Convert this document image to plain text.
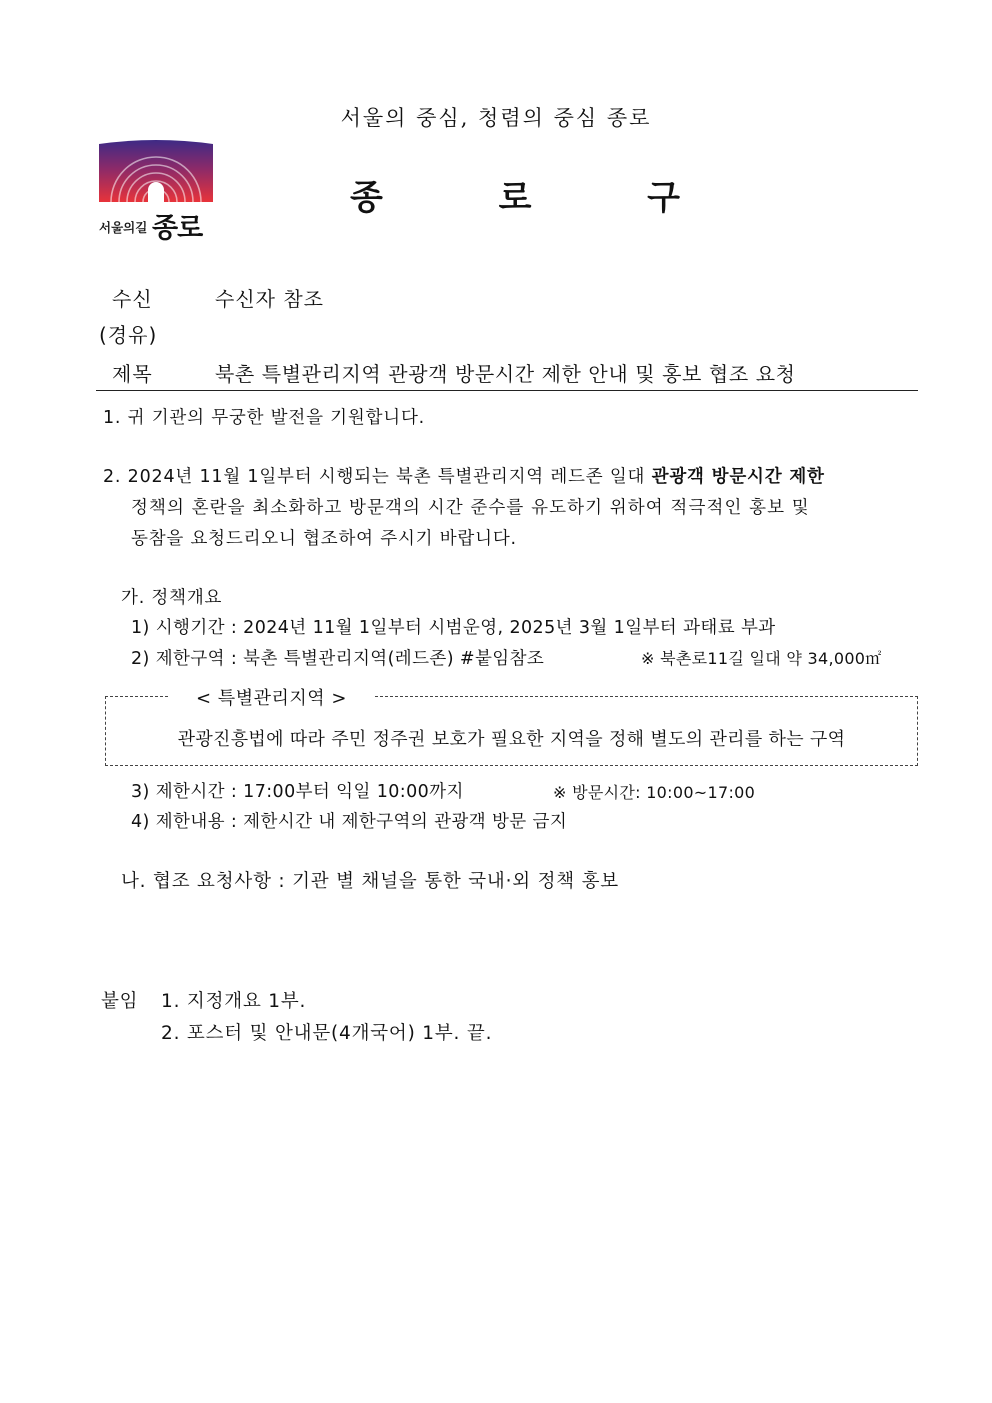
서울의 중심, 청렴의 중심 종로
서울의길 종로
종	로	구
수신	수신자 참조
(경유)
제목	북촌 특별관리지역 관광객 방문시간 제한 안내 및 홍보 협조 요청
1. 귀 기관의 무궁한 발전을 기원합니다.
2. 2024년 11월 1일부터 시행되는 북촌 특별관리지역 레드존 일대 관광객 방문시간 제한
정책의 혼란을 최소화하고 방문객의 시간 준수를 유도하기 위하여 적극적인 홍보 및
동참을 요청드리오니 협조하여 주시기 바랍니다.
가. 정책개요
1) 시행기간 : 2024년 11월 1일부터 시범운영, 2025년 3월 1일부터 과태료 부과
2) 제한구역 : 북촌 특별관리지역(레드존) #붙임참조	※ 북촌로11길 일대 약 34,000㎡
< 특별관리지역 >
관광진흥법에 따라 주민 정주권 보호가 필요한 지역을 정해 별도의 관리를 하는 구역
3) 제한시간 : 17:00부터 익일 10:00까지	※ 방문시간: 10:00~17:00
4) 제한내용 : 제한시간 내 제한구역의 관광객 방문 금지
나. 협조 요청사항 : 기관 별 채널을 통한 국내·외 정책 홍보
붙임 1. 지정개요 1부.
2. 포스터 및 안내문(4개국어) 1부. 끝.
